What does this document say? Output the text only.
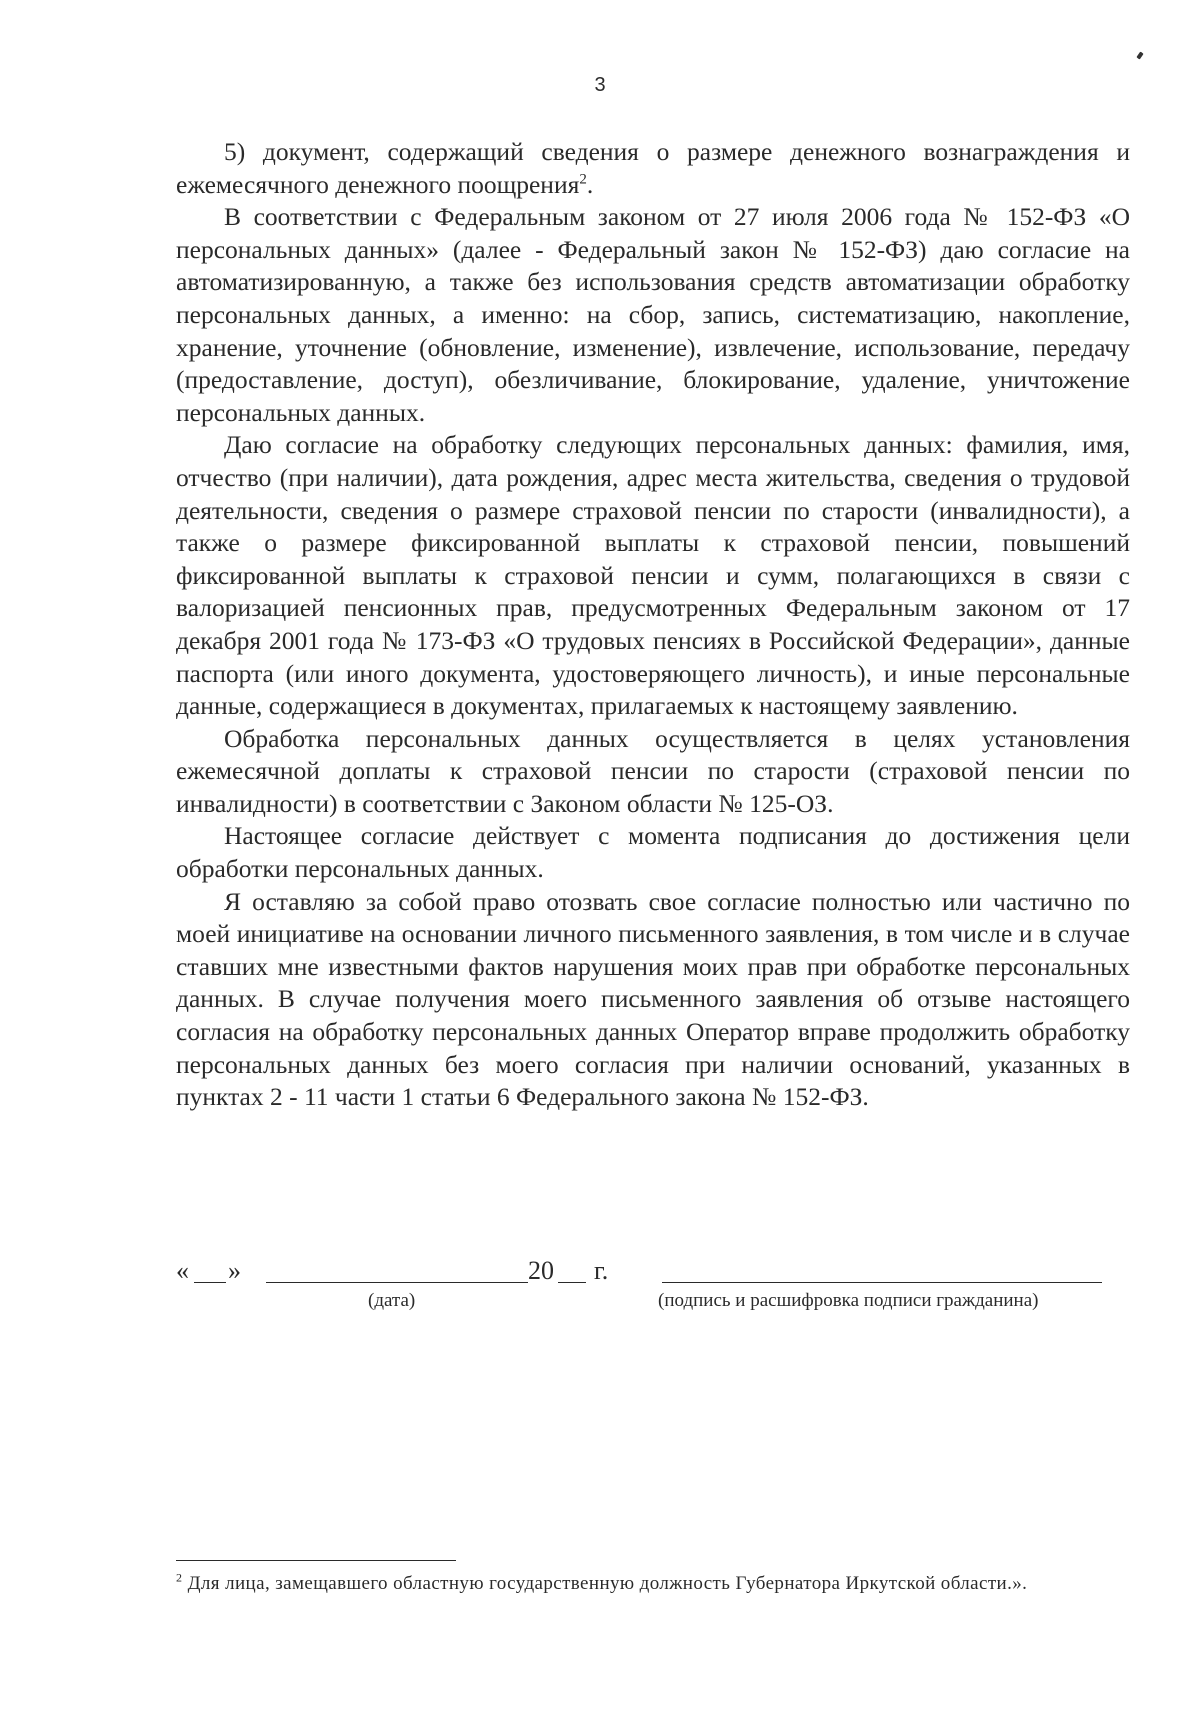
3

5) документ, содержащий сведения о размере денежного вознаграждения и ежемесячного денежного поощрения$^2$.

В соответствии с Федеральным законом от 27 июля 2006 года № 152-ФЗ «О персональных данных» (далее - Федеральный закон № 152-ФЗ) даю согласие на автоматизированную, а также без использования средств автоматизации обработку персональных данных, а именно: на сбор, запись, систематизацию, накопление, хранение, уточнение (обновление, изменение), извлечение, использование, передачу (предоставление, доступ), обезличивание, блокирование, удаление, уничтожение персональных данных.

Даю согласие на обработку следующих персональных данных: фамилия, имя, отчество (при наличии), дата рождения, адрес места жительства, сведения о трудовой деятельности, сведения о размере страховой пенсии по старости (инвалидности), а также о размере фиксированной выплаты к страховой пенсии, повышений фиксированной выплаты к страховой пенсии и сумм, полагающихся в связи с валоризацией пенсионных прав, предусмотренных Федеральным законом от 17 декабря 2001 года № 173-ФЗ «О трудовых пенсиях в Российской Федерации», данные паспорта (или иного документа, удостоверяющего личность), и иные персональные данные, содержащиеся в документах, прилагаемых к настоящему заявлению.

Обработка персональных данных осуществляется в целях установления ежемесячной доплаты к страховой пенсии по старости (страховой пенсии по инвалидности) в соответствии с Законом области № 125-ОЗ.

Настоящее согласие действует с момента подписания до достижения цели обработки персональных данных.

Я оставляю за собой право отозвать свое согласие полностью или частично по моей инициативе на основании личного письменного заявления, в том числе и в случае ставших мне известными фактов нарушения моих прав при обработке персональных данных. В случае получения моего письменного заявления об отзыве настоящего согласия на обработку персональных данных Оператор вправе продолжить обработку персональных данных без моего согласия при наличии оснований, указанных в пунктах 2 - 11 части 1 статьи 6 Федерального закона № 152-ФЗ.

« »	20 г.
(дата)	(подпись и расшифровка подписи гражданина)
$^2$ Для лица, замещавшего областную государственную должность Губернатора Иркутской области.».
